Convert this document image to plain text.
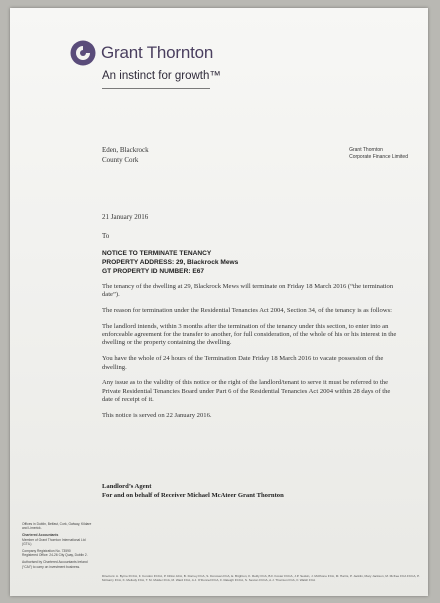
Grant Thornton
An instinct for growth™
Eden, Blackrock
County Cork
Grant Thornton
Corporate Finance Limited
21 January 2016
To
NOTICE TO TERMINATE TENANCY
PROPERTY ADDRESS: 29, Blackrock Mews
GT PROPERTY ID NUMBER: E67

The tenancy of the dwelling at 29, Blackrock Mews will terminate on Friday 18 March 2016 (“the termination date”).

The reason for termination under the Residential Tenancies Act 2004, Section 34, of the tenancy is as follows:

The landlord intends, within 3 months after the termination of the tenancy under this section, to enter into an enforceable agreement for the transfer to another, for full consideration, of the whole of his or his interest in the dwelling or the property containing the dwelling.

You have the whole of 24 hours of the Termination Date Friday 18 March 2016 to vacate possession of the dwelling.

Any issue as to the validity of this notice or the right of the landlord/tenant to serve it must be referred to the Private Residential Tenancies Board under Part 6 of the Residential Tenancies Act 2004 within 28 days of the date of receipt of it.

This notice is served on 22 January 2016.

Landlord’s Agent
For and on behalf of Receiver Michael McAteer Grant Thornton
Offices in Dublin, Belfast, Cork, Galway, Kildare and Limerick.
Chartered Accountants
Member of Grant Thornton International Ltd (GTIL)
Company Registration No. 73590
Registered Office: 24-26 City Quay, Dublin 2.
Authorised by Chartered Accountants Ireland (“CAI”) to carry on investment business.
Directors: A. Byrne FCCA, F. Condon FCCA, P. Dillon ACA, B. Dorney FCA, S. Donovan FCA, E. Brighton, K. Reilly FCA, B.F. Foster FCCA, J.P. Seskin, J. McIlhone FCA, M. Harris, P. Jacklin, Mary Jackson, M. McKee FCA FCCA, P. McGarry FCA, K. Mellody FCA, T. M. Mulder FCA, M. Ward FCA, A.J. O'Donnell FCA, F. Raleigh FCCA, S. Sexton FCCA, A.J. Thornton FCA, F. Walsh FCA
